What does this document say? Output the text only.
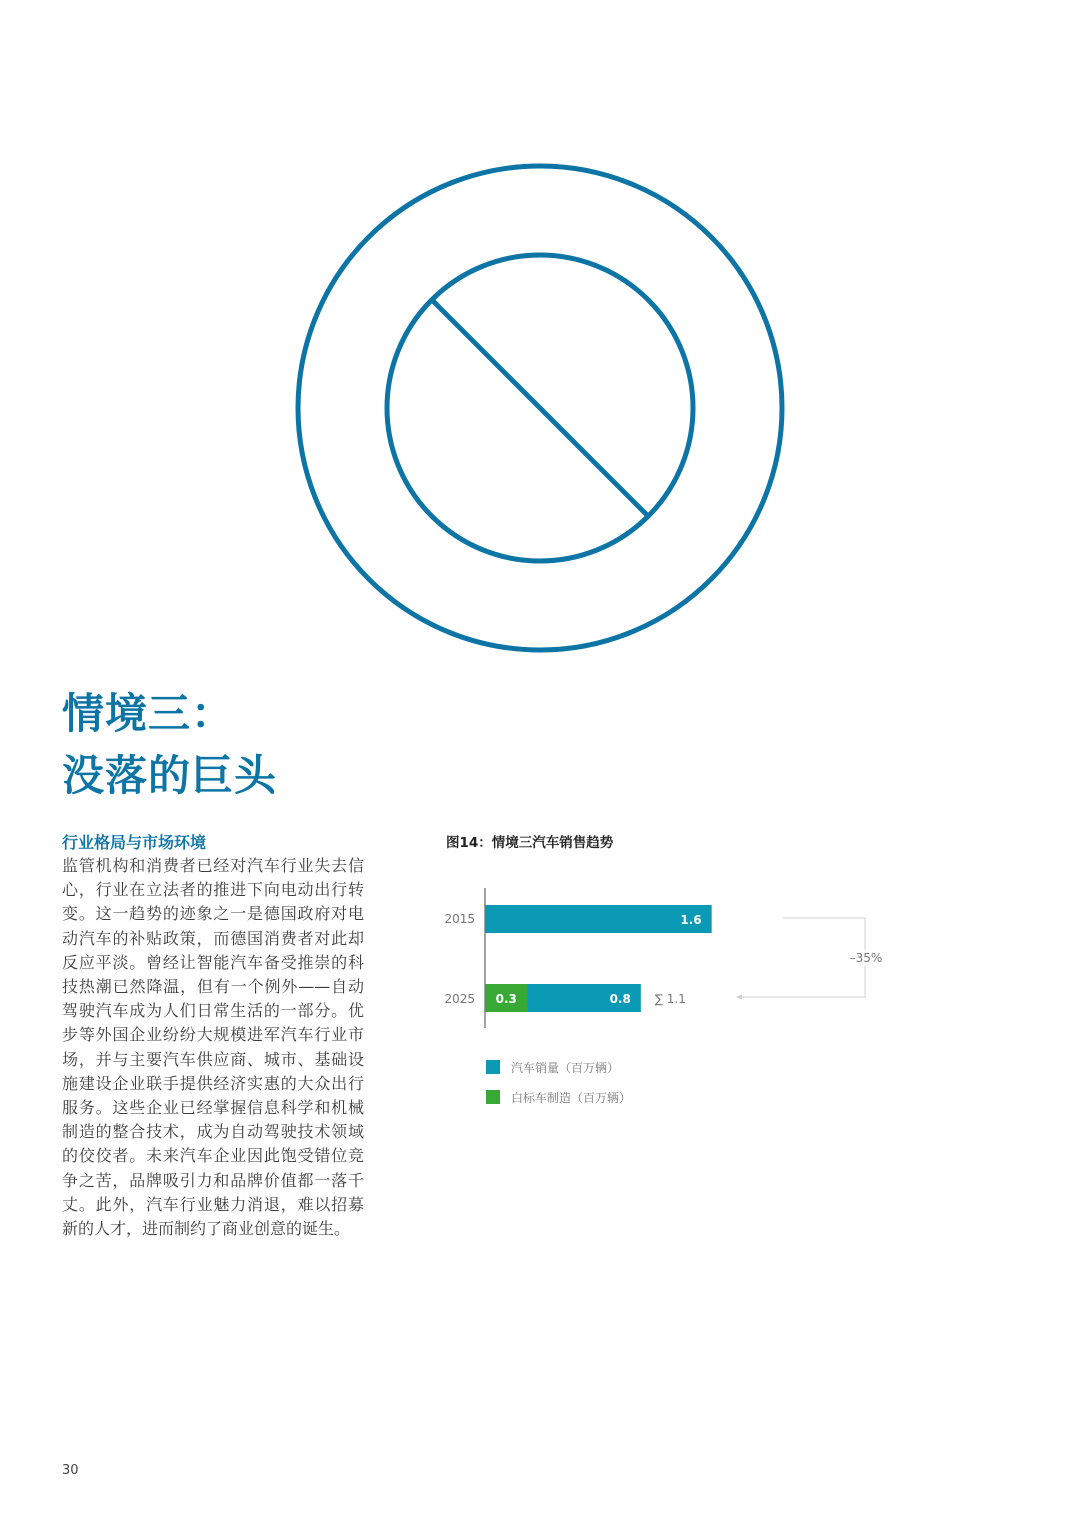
情境三：
没落的巨头
行业格局与市场环境
监管机构和消费者已经对汽车行业失去信心，行业在立法者的推进下向电动出行转变。这一趋势的迹象之一是德国政府对电动汽车的补贴政策，而德国消费者对此却反应平淡。曾经让智能汽车备受推崇的科技热潮已然降温，但有一个例外——自动驾驶汽车成为人们日常生活的一部分。优步等外国企业纷纷大规模进军汽车行业市场，并与主要汽车供应商、城市、基础设施建设企业联手提供经济实惠的大众出行服务。这些企业已经掌握信息科学和机械制造的整合技术，成为自动驾驶技术领域的佼佼者。未来汽车企业因此饱受错位竞争之苦，品牌吸引力和品牌价值都一落千丈。此外，汽车行业魅力消退，难以招募新的人才，进而制约了商业创意的诞生。
图14：情境三汽车销售趋势
2015
2025
1.6
0.3	0.8 ∑ 1.1
–35%
汽车销量（百万辆）
白标车制造（百万辆）
30
